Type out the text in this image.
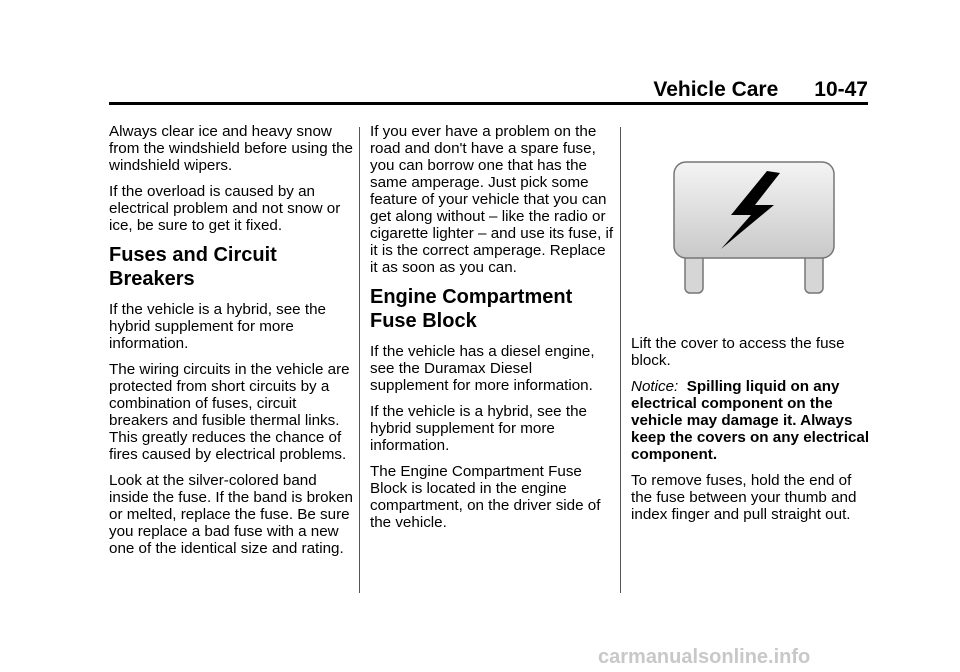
Vehicle Care 10-47

Always clear ice and heavy snow from the windshield before using the windshield wipers.

If the overload is caused by an electrical problem and not snow or ice, be sure to get it fixed.

Fuses and Circuit Breakers

If the vehicle is a hybrid, see the hybrid supplement for more information.

The wiring circuits in the vehicle are protected from short circuits by a combination of fuses, circuit breakers and fusible thermal links. This greatly reduces the chance of fires caused by electrical problems.

Look at the silver-colored band inside the fuse. If the band is broken or melted, replace the fuse. Be sure you replace a bad fuse with a new one of the identical size and rating.

If you ever have a problem on the road and don't have a spare fuse, you can borrow one that has the same amperage. Just pick some feature of your vehicle that you can get along without – like the radio or cigarette lighter – and use its fuse, if it is the correct amperage. Replace it as soon as you can.

Engine Compartment Fuse Block

If the vehicle has a diesel engine, see the Duramax Diesel supplement for more information.

If the vehicle is a hybrid, see the hybrid supplement for more information.

The Engine Compartment Fuse Block is located in the engine compartment, on the driver side of the vehicle.

Lift the cover to access the fuse block.

Notice: Spilling liquid on any electrical component on the vehicle may damage it. Always keep the covers on any electrical component.

To remove fuses, hold the end of the fuse between your thumb and index finger and pull straight out.

carmanualsonline.info
